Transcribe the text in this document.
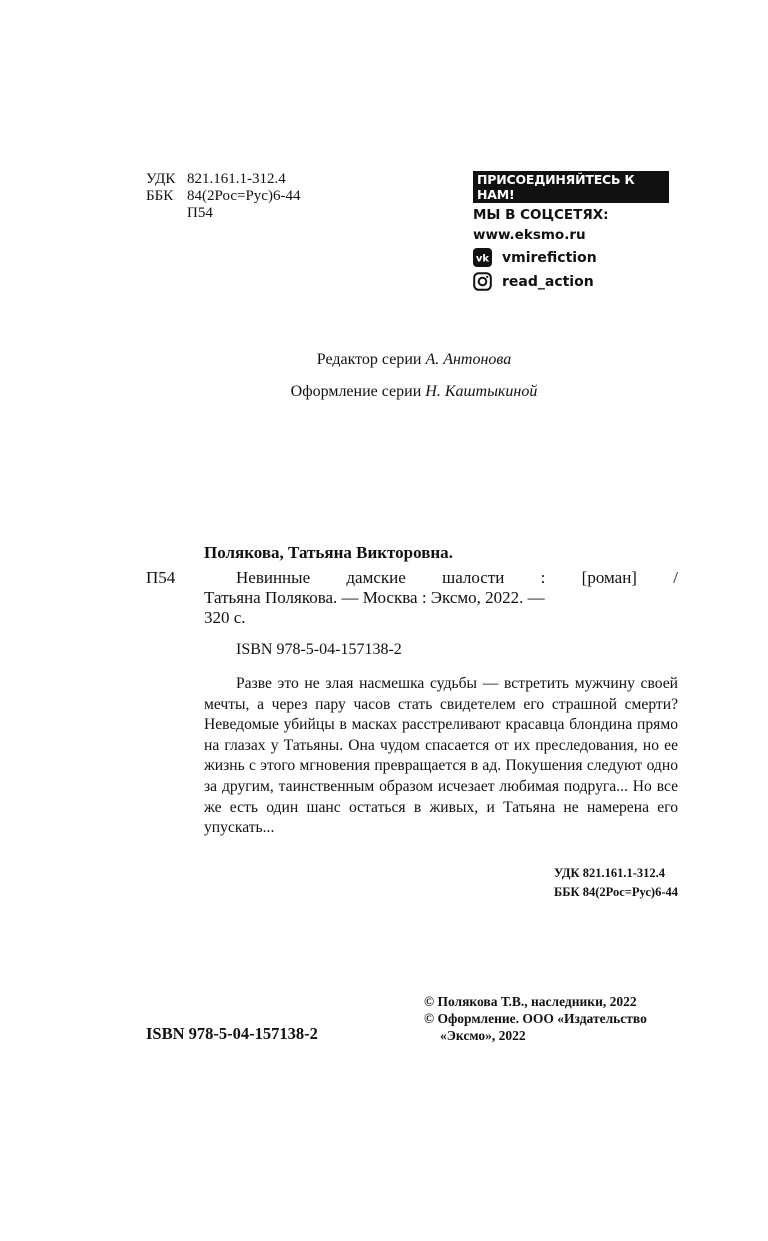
УДК 821.161.1-312.4
ББК 84(2Рос=Рус)6-44
П54
ПРИСОЕДИНЯЙТЕСЬ К НАМ!
МЫ В СОЦСЕТЯХ:
www.eksmo.ru
vk vmirefiction
read_action
Редактор серии А. Антонова
Оформление серии Н. Каштыкиной
Полякова, Татьяна Викторовна.
П54	Невинные дамские шалости : [роман] /
Татьяна Полякова. — Москва : Эксмо, 2022. —
320 с.
ISBN 978-5-04-157138-2
Разве это не злая насмешка судьбы — встретить мужчину своей мечты, а через пару часов стать свидетелем его страшной смерти? Неведомые убийцы в масках расстреливают красавца блондина прямо на глазах у Татьяны. Она чудом спасается от их преследования, но ее жизнь с этого мгновения превращается в ад. Покушения следуют одно за другим, таинственным образом исчезает любимая подруга... Но все же есть один шанс остаться в живых, и Татьяна не намерена его упускать...
УДК 821.161.1-312.4
ББК 84(2Рос=Рус)6-44
© Полякова Т.В., наследники, 2022
© Оформление. ООО «Издательство
«Эксмо», 2022
ISBN 978-5-04-157138-2
